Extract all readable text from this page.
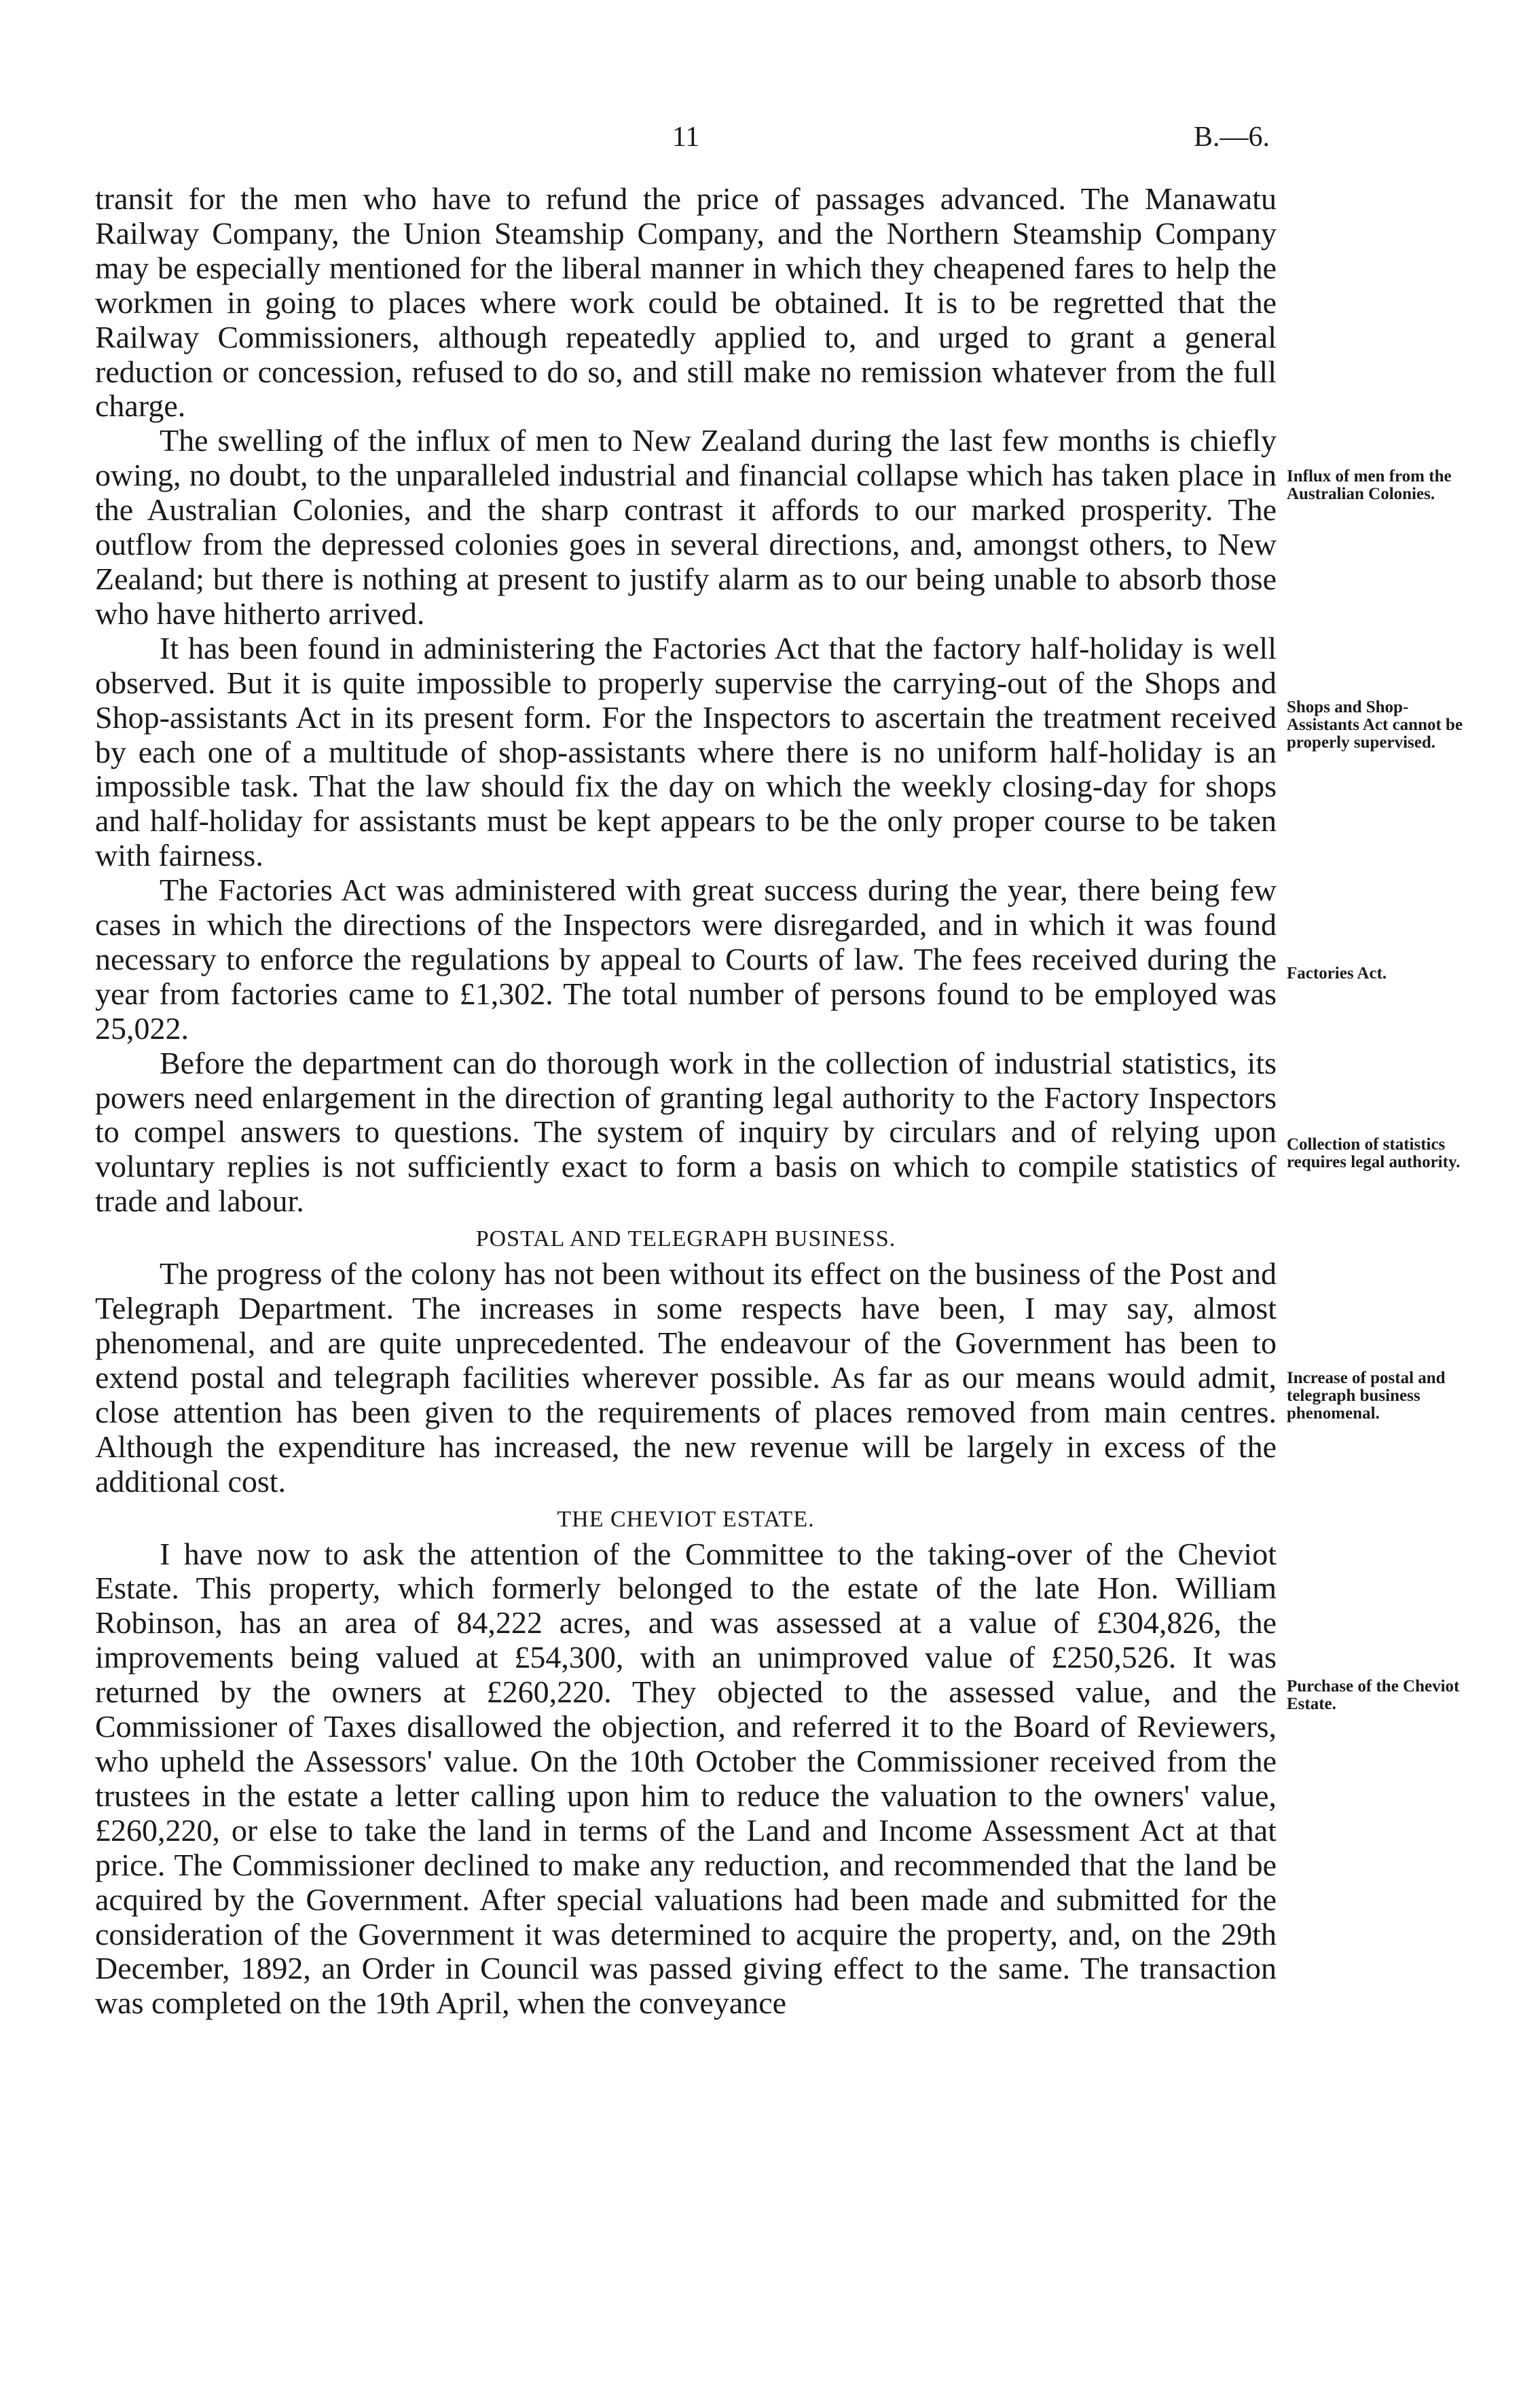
11	B.—6.

transit for the men who have to refund the price of passages advanced. The Manawatu Railway Company, the Union Steamship Company, and the Northern Steamship Company may be especially mentioned for the liberal manner in which they cheapened fares to help the workmen in going to places where work could be obtained. It is to be regretted that the Railway Commissioners, although repeatedly applied to, and urged to grant a general reduction or concession, refused to do so, and still make no remission whatever from the full charge.

The swelling of the influx of men to New Zealand during the last few months is chiefly owing, no doubt, to the unparalleled industrial and financial collapse which has taken place in the Australian Colonies, and the sharp contrast it affords to our marked prosperity. The outflow from the depressed colonies goes in several directions, and, amongst others, to New Zealand; but there is nothing at present to justify alarm as to our being unable to absorb those who have hitherto arrived.

It has been found in administering the Factories Act that the factory half-holiday is well observed. But it is quite impossible to properly supervise the carrying-out of the Shops and Shop-assistants Act in its present form. For the Inspectors to ascertain the treatment received by each one of a multitude of shop-assistants where there is no uniform half-holiday is an impossible task. That the law should fix the day on which the weekly closing-day for shops and half-holiday for assistants must be kept appears to be the only proper course to be taken with fairness.

The Factories Act was administered with great success during the year, there being few cases in which the directions of the Inspectors were disregarded, and in which it was found necessary to enforce the regulations by appeal to Courts of law. The fees received during the year from factories came to £1,302. The total number of persons found to be employed was 25,022.

Before the department can do thorough work in the collection of industrial statistics, its powers need enlargement in the direction of granting legal authority to the Factory Inspectors to compel answers to questions. The system of inquiry by circulars and of relying upon voluntary replies is not sufficiently exact to form a basis on which to compile statistics of trade and labour.

POSTAL AND TELEGRAPH BUSINESS.

The progress of the colony has not been without its effect on the business of the Post and Telegraph Department. The increases in some respects have been, I may say, almost phenomenal, and are quite unprecedented. The endeavour of the Government has been to extend postal and telegraph facilities wherever possible. As far as our means would admit, close attention has been given to the requirements of places removed from main centres. Although the expenditure has increased, the new revenue will be largely in excess of the additional cost.

THE CHEVIOT ESTATE.

I have now to ask the attention of the Committee to the taking-over of the Cheviot Estate. This property, which formerly belonged to the estate of the late Hon. William Robinson, has an area of 84,222 acres, and was assessed at a value of £304,826, the improvements being valued at £54,300, with an unimproved value of £250,526. It was returned by the owners at £260,220. They objected to the assessed value, and the Commissioner of Taxes disallowed the objection, and referred it to the Board of Reviewers, who upheld the Assessors' value. On the 10th October the Commissioner received from the trustees in the estate a letter calling upon him to reduce the valuation to the owners' value, £260,220, or else to take the land in terms of the Land and Income Assessment Act at that price. The Commissioner declined to make any reduction, and recommended that the land be acquired by the Government. After special valuations had been made and submitted for the consideration of the Government it was determined to acquire the property, and, on the 29th December, 1892, an Order in Council was passed giving effect to the same. The transaction was completed on the 19th April, when the conveyance

Influx of men from the Australian Colonies.
Shops and Shop-Assistants Act cannot be properly supervised.
Factories Act.
Collection of statistics requires legal authority.
Increase of postal and telegraph business phenomenal.
Purchase of the Cheviot Estate.
